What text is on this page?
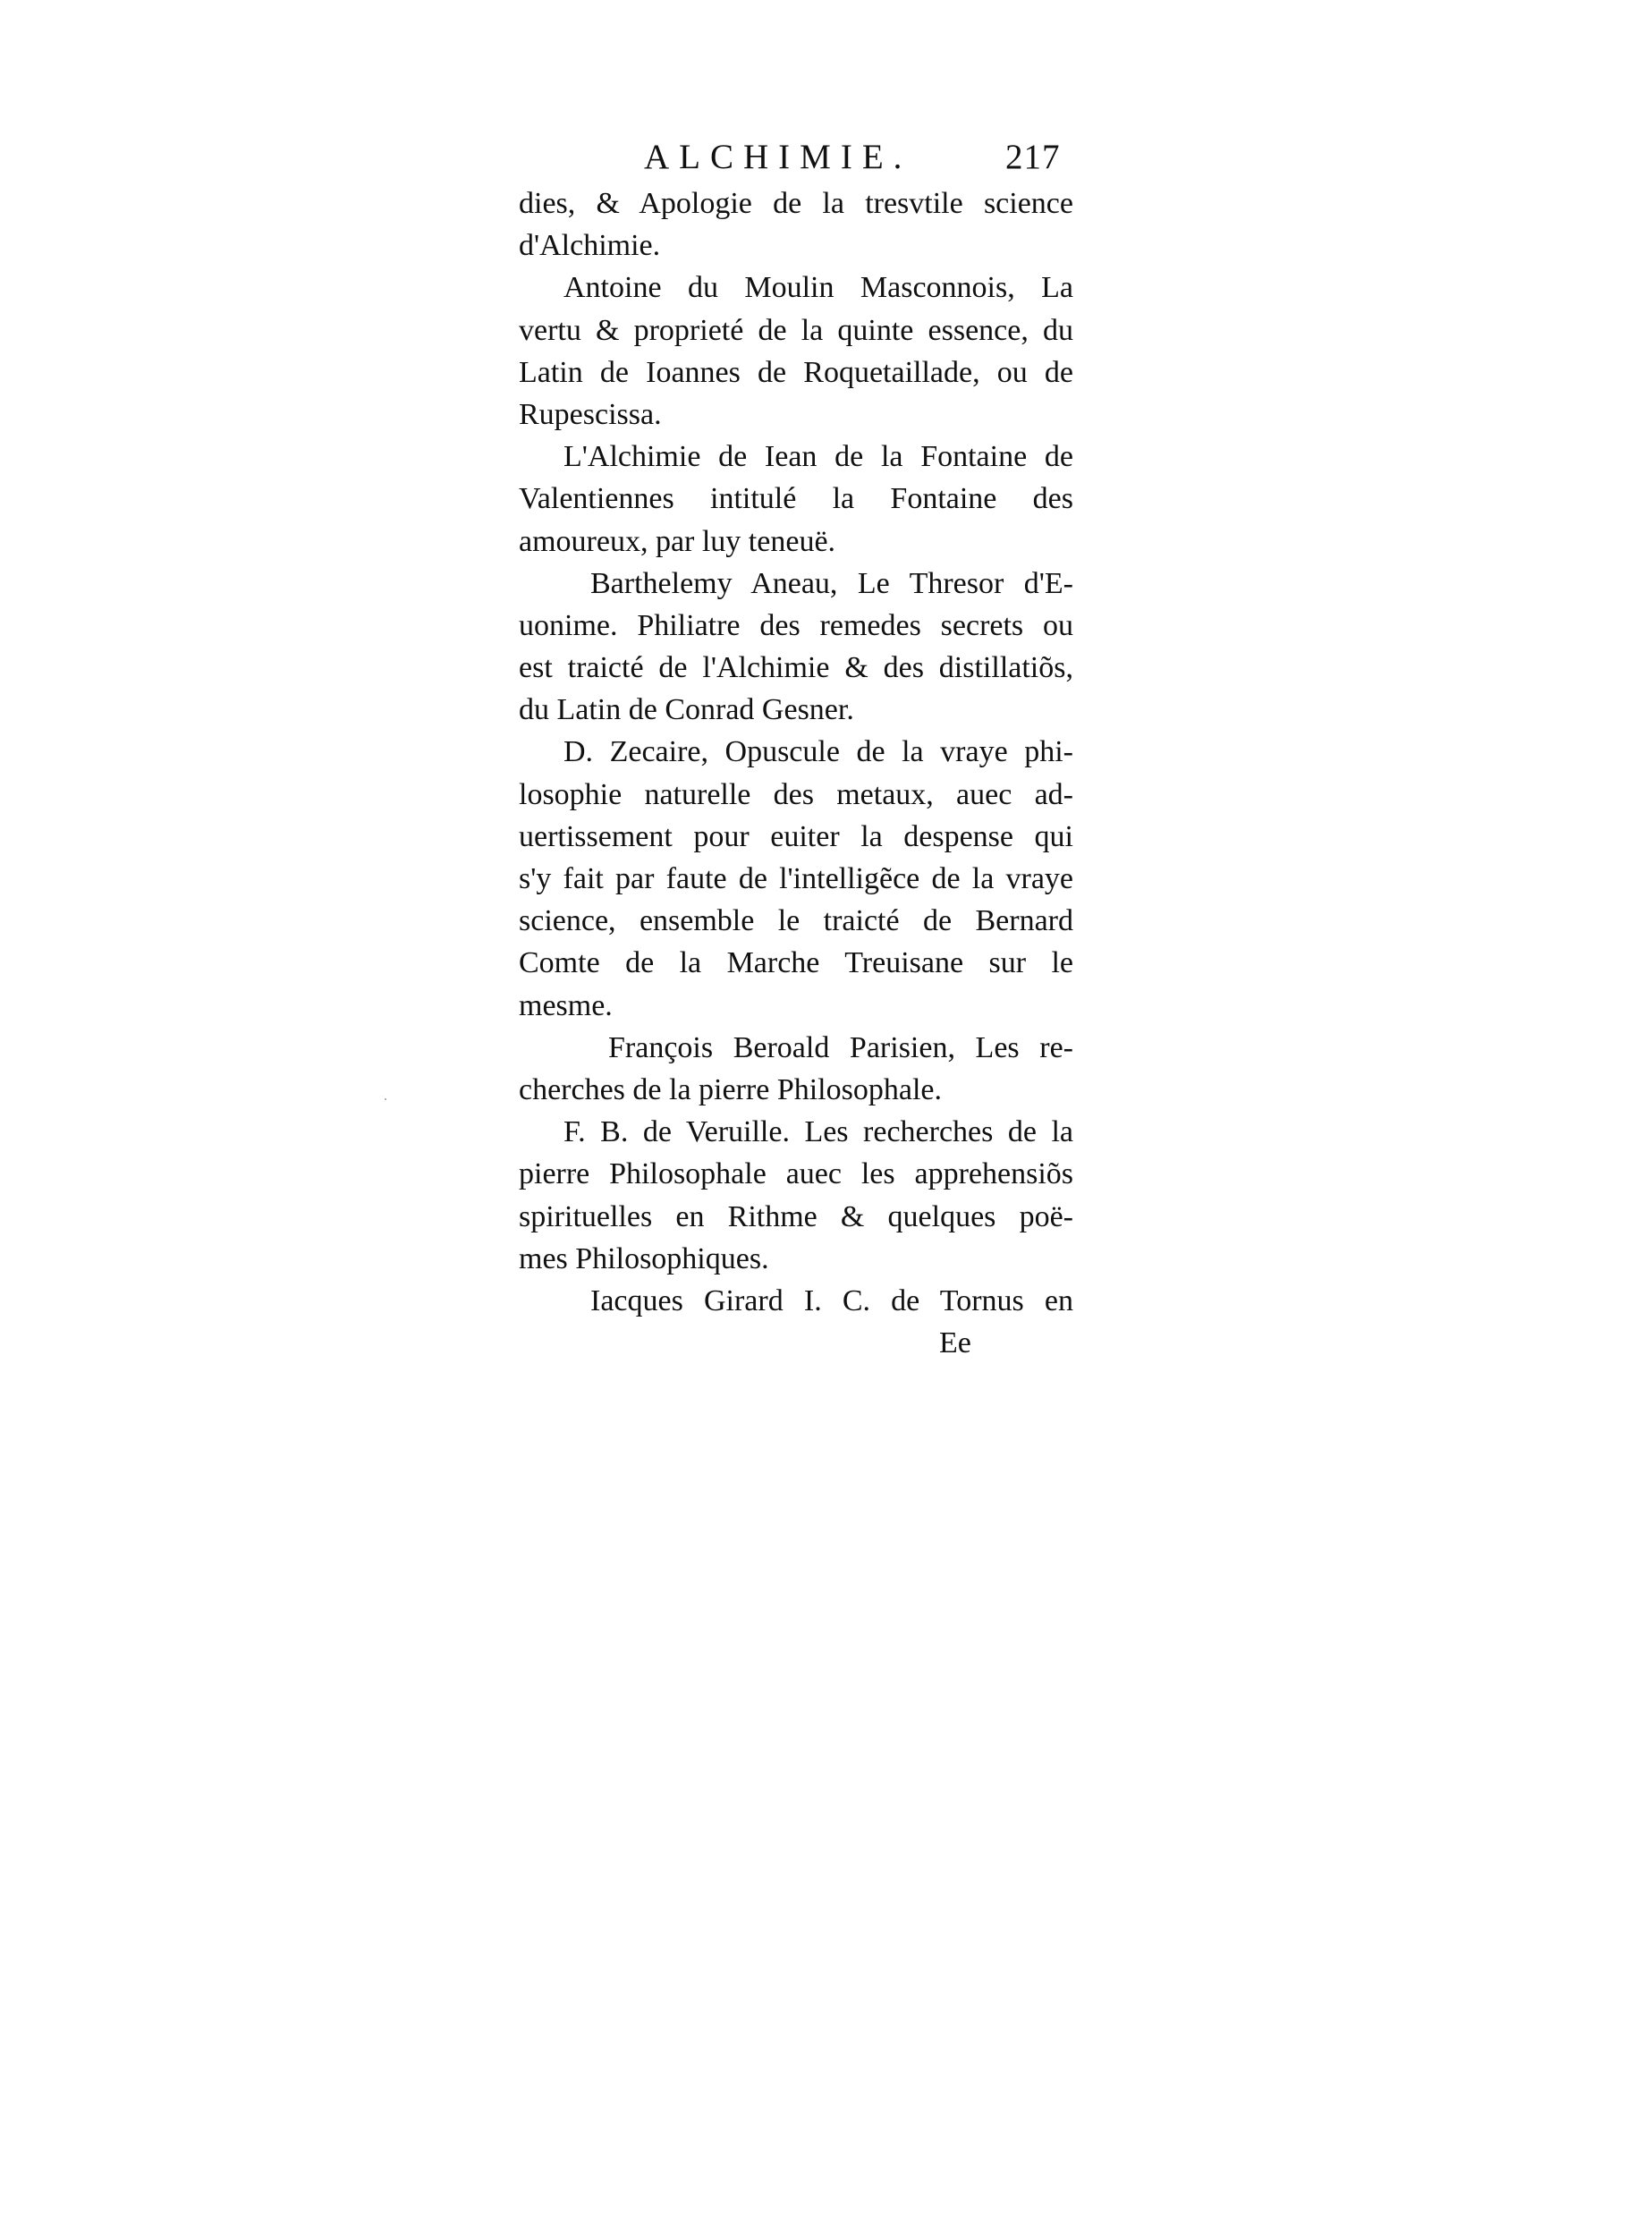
ALCHIMIE.	217
dies, & Apologie de la tresvtile science
d'Alchimie.
Antoine du Moulin Masconnois, La
vertu & proprieté de la quinte essence, du
Latin de Ioannes de Roquetaillade, ou de
Rupescissa.
L'Alchimie de Iean de la Fontaine de
Valentiennes intitulé la Fontaine des
amoureux, par luy teneuë.
Barthelemy Aneau, Le Thresor d'E-
uonime. Philiatre des remedes secrets ou
est traicté de l'Alchimie & des distillatiõs,
du Latin de Conrad Gesner.
D. Zecaire, Opuscule de la vraye phi-
losophie naturelle des metaux, auec ad-
uertissement pour euiter la despense qui
s'y fait par faute de l'intelligẽce de la vraye
science, ensemble le traicté de Bernard
Comte de la Marche Treuisane sur le
mesme.
François Beroald Parisien, Les re-
cherches de la pierre Philosophale.
F. B. de Veruille. Les recherches de la
pierre Philosophale auec les apprehensiõs
spirituelles en Rithme & quelques poë-
mes Philosophiques.
Iacques Girard I. C. de Tornus en
Ee
